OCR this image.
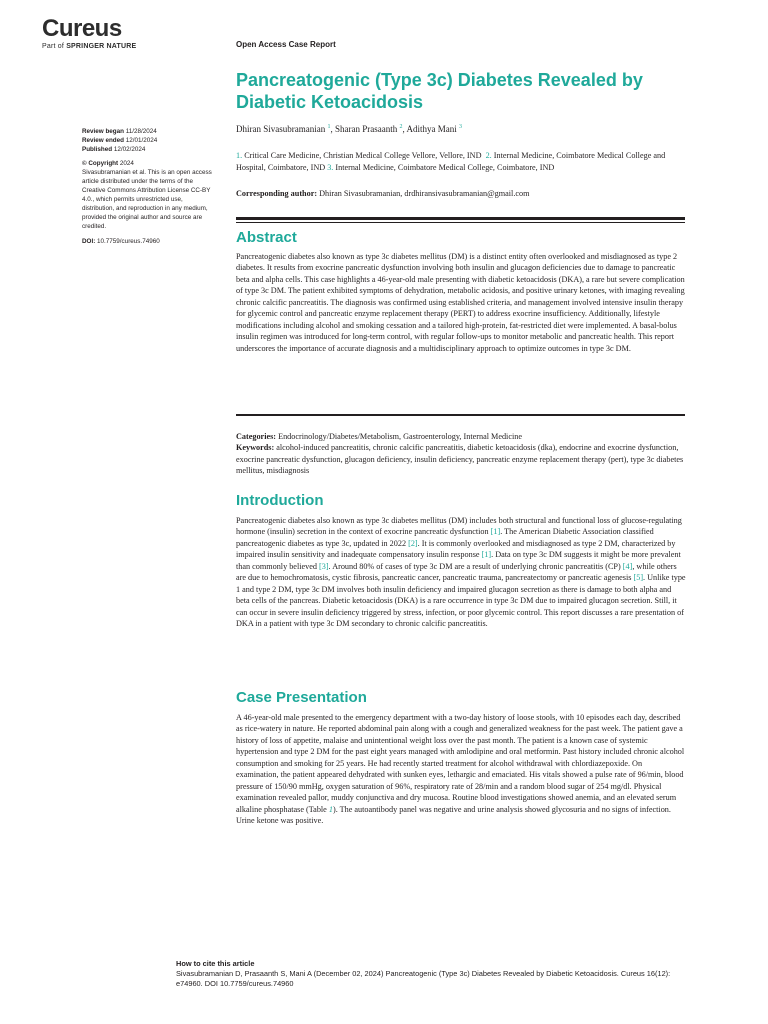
Cureus
Part of SPRINGER NATURE	Open Access Case Report
Pancreatogenic (Type 3c) Diabetes Revealed by Diabetic Ketoacidosis
Dhiran Sivasubramanian $^1$, Sharan Prasaanth $^2$, Adithya Mani $^3$
1. Critical Care Medicine, Christian Medical College Vellore, Vellore, IND 2. Internal Medicine, Coimbatore Medical College and Hospital, Coimbatore, IND 3. Internal Medicine, Coimbatore Medical College, Coimbatore, IND
Corresponding author: Dhiran Sivasubramanian, drdhiransivasubramanian@gmail.com

Review began 11/28/2024

Review ended 12/01/2024

Published 12/02/2024

© Copyright 2024

Sivasubramanian et al. This is an open access article distributed under the terms of the Creative Commons Attribution License CC-BY 4.0., which permits unrestricted use, distribution, and reproduction in any medium, provided the original author and source are credited.

DOI: 10.7759/cureus.74960	Abstract

Pancreatogenic diabetes also known as type 3c diabetes mellitus (DM) is a distinct entity often overlooked and misdiagnosed as type 2 diabetes. It results from exocrine pancreatic dysfunction involving both insulin and glucagon deficiencies due to damage to pancreatic beta and alpha cells. This case highlights a 46-year-old male presenting with diabetic ketoacidosis (DKA), a rare but severe complication of type 3c DM. The patient exhibited symptoms of dehydration, metabolic acidosis, and positive urinary ketones, with imaging revealing chronic calcific pancreatitis. The diagnosis was confirmed using established criteria, and management involved intensive insulin therapy for glycemic control and pancreatic enzyme replacement therapy (PERT) to address exocrine insufficiency. Additionally, lifestyle modifications including alcohol and smoking cessation and a tailored high-protein, fat-restricted diet were implemented. A basal-bolus insulin regimen was introduced for long-term control, with regular follow-ups to monitor metabolic and pancreatic health. This report underscores the importance of accurate diagnosis and a multidisciplinary approach to optimize outcomes in type 3c DM.

Categories: Endocrinology/Diabetes/Metabolism, Gastroenterology, Internal Medicine
Keywords: alcohol-induced pancreatitis, chronic calcific pancreatitis, diabetic ketoacidosis (dka), endocrine and exocrine dysfunction, exocrine pancreatic dysfunction, glucagon deficiency, insulin deficiency, pancreatic enzyme replacement therapy (pert), type 3c diabetes mellitus, misdiagnosis
Introduction

Pancreatogenic diabetes also known as type 3c diabetes mellitus (DM) includes both structural and functional loss of glucose-regulating hormone (insulin) secretion in the context of exocrine pancreatic dysfunction [1]. The American Diabetic Association classified pancreatogenic diabetes as type 3c, updated in 2022 [2]. It is commonly overlooked and misdiagnosed as type 2 DM, characterized by impaired insulin sensitivity and inadequate compensatory insulin response [1]. Data on type 3c DM suggests it might be more prevalent than commonly believed [3]. Around 80% of cases of type 3c DM are a result of underlying chronic pancreatitis (CP) [4], while others are due to hemochromatosis, cystic fibrosis, pancreatic cancer, pancreatic trauma, pancreatectomy or pancreatic agenesis [5]. Unlike type 1 and type 2 DM, type 3c DM involves both insulin deficiency and impaired glucagon secretion as there is damage to both alpha and beta cells of the pancreas. Diabetic ketoacidosis (DKA) is a rare occurrence in type 3c DM due to impaired glucagon secretion. Still, it can occur in severe insulin deficiency triggered by stress, infection, or poor glycemic control. This report discusses a rare presentation of DKA in a patient with type 3c DM secondary to chronic calcific pancreatitis.

Case Presentation

A 46-year-old male presented to the emergency department with a two-day history of loose stools, with 10 episodes each day, described as rice-watery in nature. He reported abdominal pain along with a cough and generalized weakness for the past week. The patient gave a history of loss of appetite, malaise and unintentional weight loss over the past month. The patient is a known case of systemic hypertension and type 2 DM for the past eight years managed with amlodipine and oral metformin. Past history included chronic alcohol consumption and smoking for 25 years. He had recently started treatment for alcohol withdrawal with chlordiazepoxide. On examination, the patient appeared dehydrated with sunken eyes, lethargic and emaciated. His vitals showed a pulse rate of 96/min, blood pressure of 150/90 mmHg, oxygen saturation of 96%, respiratory rate of 28/min and a random blood sugar of 254 mg/dl. Physical examination revealed pallor, muddy conjunctiva and dry mucosa. Routine blood investigations showed anemia, and an elevated serum alkaline phosphatase (Table 1). The autoantibody panel was negative and urine analysis showed glycosuria and no signs of infection. Urine ketone was positive.

How to cite this article
Sivasubramanian D, Prasaanth S, Mani A (December 02, 2024) Pancreatogenic (Type 3c) Diabetes Revealed by Diabetic Ketoacidosis. Cureus 16(12): e74960. DOI 10.7759/cureus.74960
